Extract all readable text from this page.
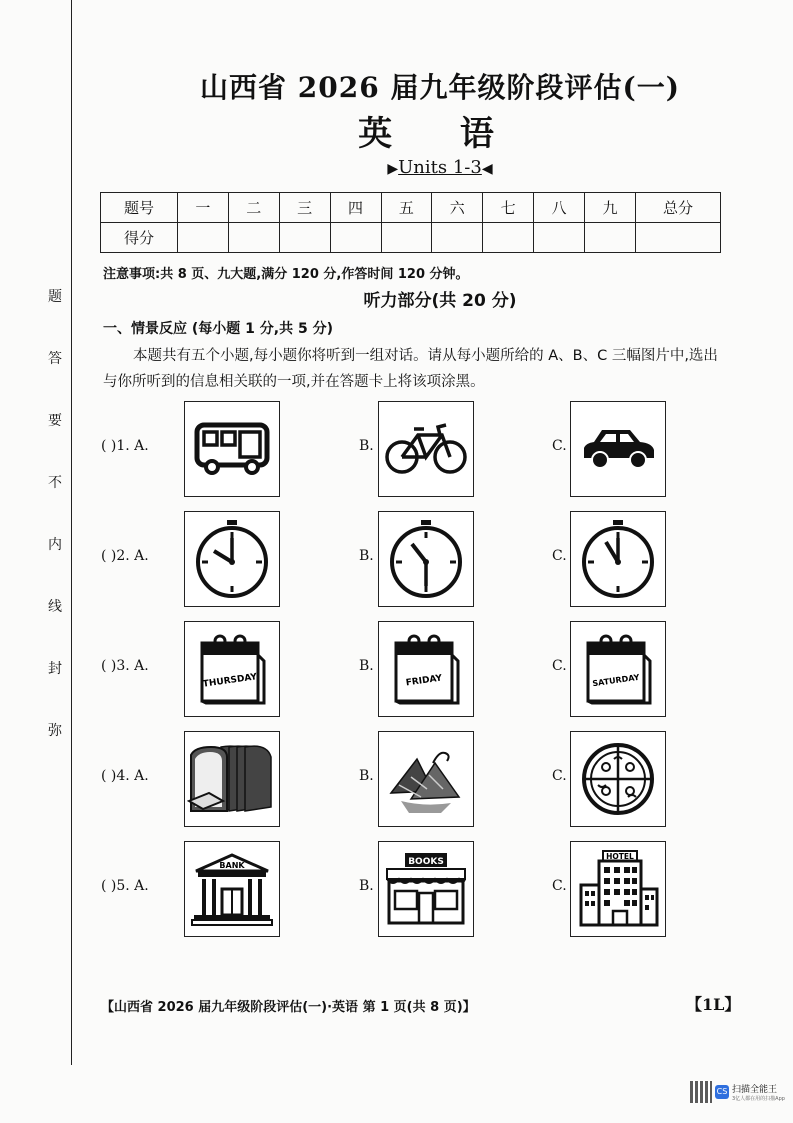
题
答
要
不
内
线
封
弥
山西省 2026 届九年级阶段评估(一)
英 语
▶Units 1-3◀
题号	一	二	三	四	五	六	七	八	九	总分
得分										
注意事项:共 8 页、九大题,满分 120 分,作答时间 120 分钟。
听力部分(共 20 分)
一、情景反应 (每小题 1 分,共 5 分)
本题共有五个小题,每小题你将听到一组对话。请从每小题所给的 A、B、C 三幅图片中,选出与你所听到的信息相关联的一项,并在答题卡上将该项涂黑。
( )1. A.	B.	C.
( )2. A.	B.	C.
( )3. A.
THURSDAY
B.
FRIDAY
C.
SATURDAY
( )4. A.	B.	C.
( )5. A.
BANK
B.
BOOKS
C.
HOTEL
【山西省 2026 届九年级阶段评估(一)·英语 第 1 页(共 8 页)】	【1L】
CS 扫描全能王
3亿人都在用的扫描App
